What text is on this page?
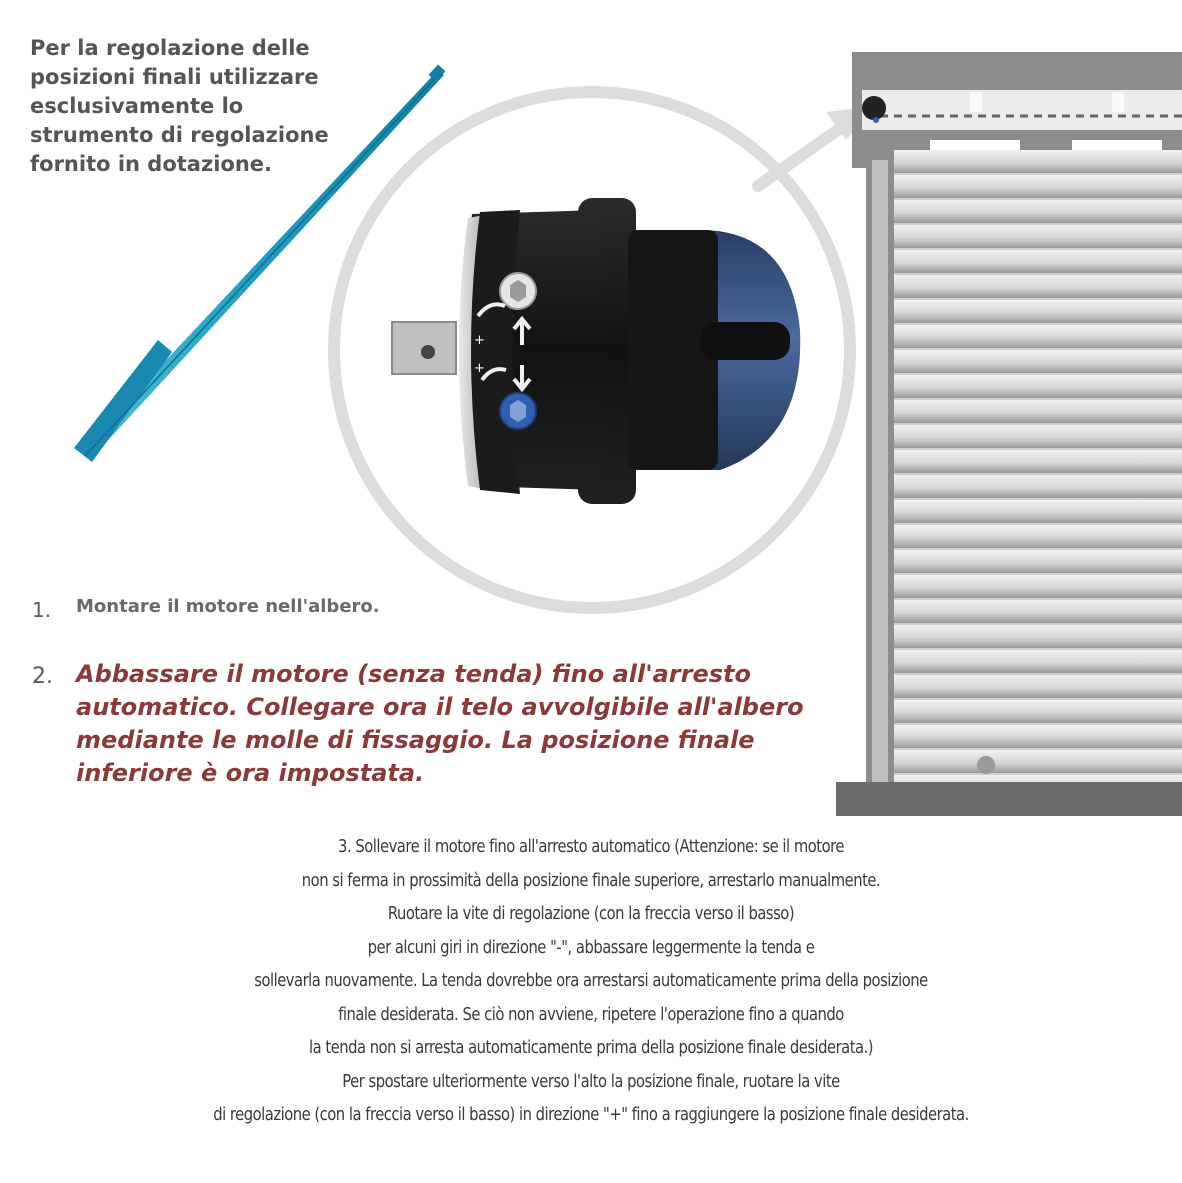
+
+
Per la regolazione delle posizioni finali utilizzare esclusivamente lo strumento di regolazione fornito in dotazione.
1. Montare il motore nell'albero.
2. Abbassare il motore (senza tenda) fino all'arresto automatico. Collegare ora il telo avvolgibile all'albero mediante le molle di fissaggio. La posizione finale inferiore è ora impostata.
3. Sollevare il motore fino all'arresto automatico (Attenzione: se il motore
non si ferma in prossimità della posizione finale superiore, arrestarlo manualmente.
Ruotare la vite di regolazione (con la freccia verso il basso)
per alcuni giri in direzione "-", abbassare leggermente la tenda e
sollevarla nuovamente. La tenda dovrebbe ora arrestarsi automaticamente prima della posizione
finale desiderata. Se ciò non avviene, ripetere l'operazione fino a quando
la tenda non si arresta automaticamente prima della posizione finale desiderata.)
Per spostare ulteriormente verso l'alto la posizione finale, ruotare la vite
di regolazione (con la freccia verso il basso) in direzione "+" fino a raggiungere la posizione finale desiderata.
